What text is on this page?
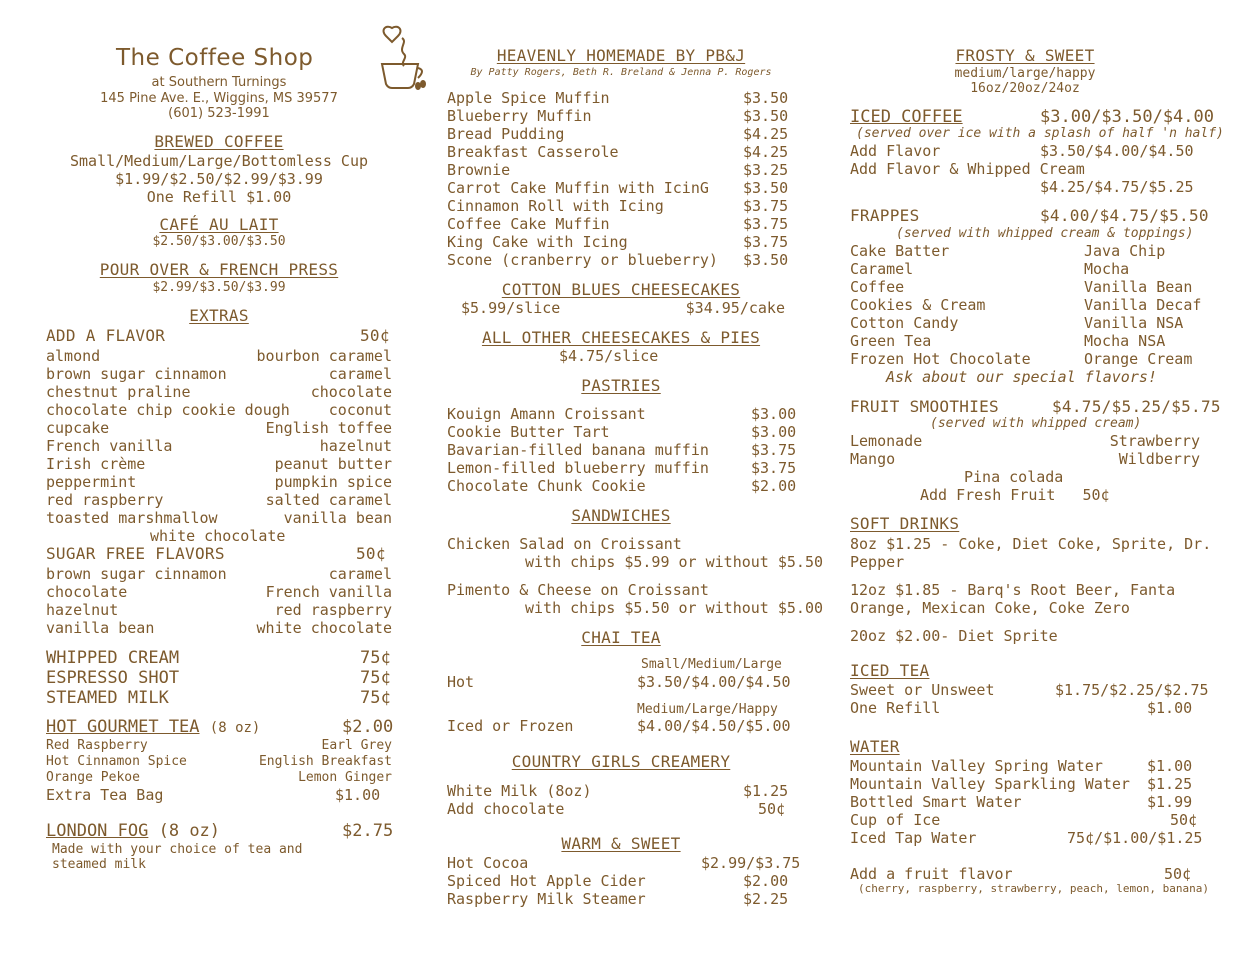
The Coffee Shop
at Southern Turnings
145 Pine Ave. E., Wiggins, MS 39577
(601) 523-1991
BREWED COFFEE
Small/Medium/Large/Bottomless Cup
$1.99/$2.50/$2.99/$3.99
One Refill $1.00
CAFÉ AU LAIT
$2.50/$3.00/$3.50
POUR OVER & FRENCH PRESS
$2.99/$3.50/$3.99
EXTRAS
ADD A FLAVOR	50¢
almond	bourbon caramel
brown sugar cinnamon	caramel
chestnut praline	chocolate
chocolate chip cookie dough	coconut
cupcake	English toffee
French vanilla	hazelnut
Irish crème	peanut butter
peppermint	pumpkin spice
red raspberry	salted caramel
toasted marshmallow	vanilla bean
white chocolate
SUGAR FREE FLAVORS	50¢
brown sugar cinnamon	caramel
chocolate	French vanilla
hazelnut	red raspberry
vanilla bean	white chocolate
WHIPPED CREAM	75¢
ESPRESSO SHOT	75¢
STEAMED MILK	75¢
HOT GOURMET TEA (8 oz)	$2.00
Red Raspberry	Earl Grey
Hot Cinnamon Spice	English Breakfast
Orange Pekoe	Lemon Ginger
Extra Tea Bag	$1.00
LONDON FOG (8 oz)	$2.75
Made with your choice of tea and
steamed milk
HEAVENLY HOMEMADE BY PB&J
By Patty Rogers, Beth R. Breland & Jenna P. Rogers
Apple Spice Muffin	$3.50
Blueberry Muffin	$3.50
Bread Pudding	$4.25
Breakfast Casserole	$4.25
Brownie	$3.25
Carrot Cake Muffin with IcinG $3.50
Cinnamon Roll with Icing	$3.75
Coffee Cake Muffin	$3.75
King Cake with Icing	$3.75
Scone (cranberry or blueberry) $3.50
COTTON BLUES CHEESECAKES
$5.99/slice	$34.95/cake
ALL OTHER CHEESECAKES & PIES
$4.75/slice
PASTRIES
Kouign Amann Croissant	$3.00
Cookie Butter Tart	$3.00
Bavarian-filled banana muffin	$3.75
Lemon-filled blueberry muffin	$3.75
Chocolate Chunk Cookie	$2.00
SANDWICHES
Chicken Salad on Croissant
with chips $5.99 or without $5.50
Pimento & Cheese on Croissant
with chips $5.50 or without $5.00
CHAI TEA
Small/Medium/Large
Hot	$3.50/$4.00/$4.50
Medium/Large/Happy
Iced or Frozen	$4.00/$4.50/$5.00
COUNTRY GIRLS CREAMERY
White Milk (8oz)	$1.25
Add chocolate	50¢
WARM & SWEET
Hot Cocoa	$2.99/$3.75
Spiced Hot Apple Cider	$2.00
Raspberry Milk Steamer	$2.25
FROSTY & SWEET
medium/large/happy
16oz/20oz/24oz
ICED COFFEE	$3.00/$3.50/$4.00
(served over ice with a splash of half 'n half)
Add Flavor	$3.50/$4.00/$4.50
Add Flavor & Whipped Cream
$4.25/$4.75/$5.25
FRAPPES	$4.00/$4.75/$5.50
(served with whipped cream & toppings)
Cake Batter	Java Chip
Caramel	Mocha
Coffee	Vanilla Bean
Cookies & Cream	Vanilla Decaf
Cotton Candy	Vanilla NSA
Green Tea	Mocha NSA
Frozen Hot Chocolate	Orange Cream
Ask about our special flavors!
FRUIT SMOOTHIES	$4.75/$5.25/$5.75
(served with whipped cream)
Lemonade	Strawberry
Mango	Wildberry
Pina colada
Add Fresh Fruit 50¢
SOFT DRINKS
8oz $1.25 - Coke, Diet Coke, Sprite, Dr.
Pepper
12oz $1.85 - Barq's Root Beer, Fanta
Orange, Mexican Coke, Coke Zero
20oz $2.00- Diet Sprite
ICED TEA
Sweet or Unsweet	$1.75/$2.25/$2.75
One Refill	$1.00
WATER
Mountain Valley Spring Water	$1.00
Mountain Valley Sparkling Water $1.25
Bottled Smart Water	$1.99
Cup of Ice	50¢
Iced Tap Water	75¢/$1.00/$1.25
Add a fruit flavor	50¢
(cherry, raspberry, strawberry, peach, lemon, banana)
